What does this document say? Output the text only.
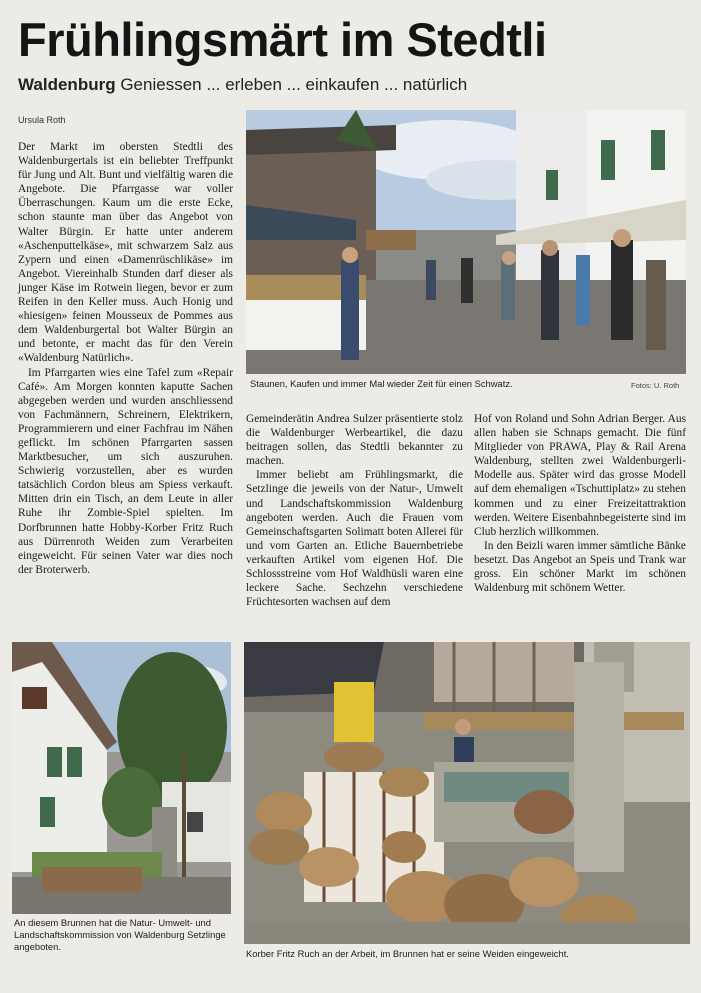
Frühlingsmärt im Stedtli
Waldenburg Geniessen ... erleben ... einkaufen ... natürlich
Ursula Roth

Der Markt im obersten Stedtli des Waldenburgertals ist ein beliebter Treffpunkt für Jung und Alt. Bunt und vielfältig waren die Angebote. Die Pfarrgasse war voller Überraschungen. Kaum um die erste Ecke, schon staunte man über das Angebot von Walter Bürgin. Er hatte unter anderem «Aschenputtelkäse», mit schwarzem Salz aus Zypern und einen «Damenrüschlikäse» im Angebot. Viereinhalb Stunden darf dieser als junger Käse im Rotwein liegen, bevor er zum Reifen in den Keller muss. Auch Honig und «hiesigen» feinen Mousseux de Pommes aus dem Waldenburgertal bot Walter Bürgin an und betonte, er macht das für den Verein «Waldenburg Natürlich».

Im Pfarrgarten wies eine Tafel zum «Repair Café». Am Morgen konnten kaputte Sachen abgegeben werden und wurden anschliessend von Fachmännern, Schreinern, Elektrikern, Programmierern und einer Fachfrau im Nähen geflickt. Im schönen Pfarrgarten sassen Marktbesucher, um sich auszuruhen. Schwierig vorzustellen, aber es wurden tatsächlich Cordon bleus am Spiess verkauft. Mitten drin ein Tisch, an dem Leute in aller Ruhe ihr Zombie-Spiel spielten. Im Dorfbrunnen hatte Hobby-Korber Fritz Ruch aus Dürrenroth Weiden zum Verarbeiten eingeweicht. Für seinen Vater war dies noch der Broterwerb.

Staunen, Kaufen und immer Mal wieder Zeit für einen Schwatz.	Fotos: U. Roth

Gemeinderätin Andrea Sulzer präsentierte stolz die Waldenburger Werbeartikel, die dazu beitragen sollen, das Stedtli bekannter zu machen.

Immer beliebt am Frühlingsmarkt, die Setzlinge die jeweils von der Natur-, Umwelt und Landschaftskommission Waldenburg angeboten werden. Auch die Frauen vom Gemeinschaftsgarten Solimatt boten Allerei für und vom Garten an. Etliche Bauernbetriebe verkauften Artikel vom eigenen Hof. Die Schlossstreine vom Hof Waldhüsli waren eine leckere Sache. Sechzehn verschiedene Früchtesorten wachsen auf dem

Hof von Roland und Sohn Adrian Berger. Aus allen haben sie Schnaps gemacht. Die fünf Mitglieder von PRAWA, Play & Rail Arena Waldenburg, stellten zwei Waldenburgerli-Modelle aus. Später wird das grosse Modell auf dem ehemaligen «Tschuttiplatz» zu stehen kommen und zu einer Freizeitattraktion werden. Weitere Eisenbahnbegeisterte sind im Club herzlich willkommen.

In den Beizli waren immer sämtliche Bänke besetzt. Das Angebot an Speis und Trank war gross. Ein schöner Markt im schönen Waldenburg mit schönem Wetter.

An diesem Brunnen hat die Natur- Umwelt- und Landschaftskommission von Waldenburg Setzlinge angeboten.
Korber Fritz Ruch an der Arbeit, im Brunnen hat er seine Weiden eingeweicht.
